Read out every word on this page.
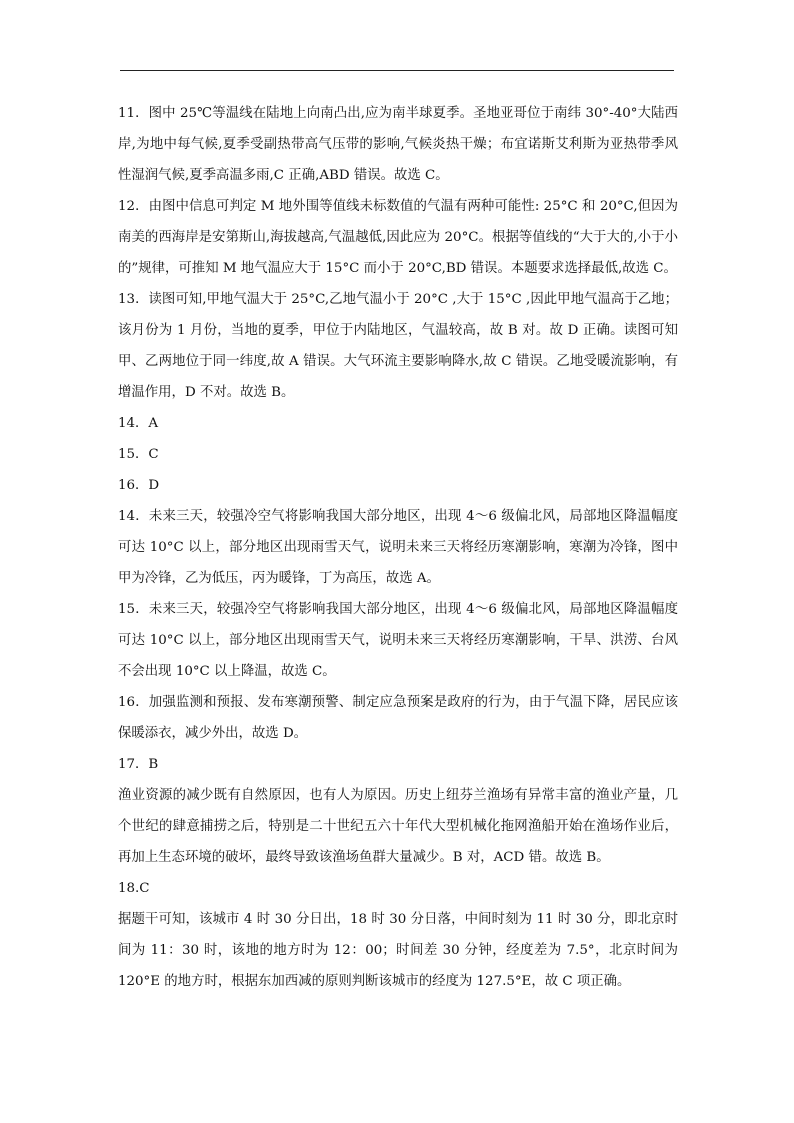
11．图中 25℃等温线在陆地上向南凸出,应为南半球夏季。圣地亚哥位于南纬 30°-40°大陆西岸,为地中每气候,夏季受副热带高气压带的影响,气候炎热干燥；布宜诺斯艾利斯为亚热带季风性湿润气候,夏季高温多雨,C 正确,ABD 错误。故选 C。

12．由图中信息可判定 M 地外围等值线未标数值的气温有两种可能性: 25°C 和 20°C,但因为南美的西海岸是安第斯山,海拔越高,气温越低,因此应为 20°C。根据等值线的“大于大的,小于小的”规律，可推知 M 地气温应大于 15°C 而小于 20°C,BD 错误。本题要求选择最低,故选 C。

13．读图可知,甲地气温大于 25°C,乙地气温小于 20°C ,大于 15°C ,因此甲地气温高于乙地；该月份为 1 月份，当地的夏季，甲位于内陆地区，气温较高，故 B 对。故 D 正确。读图可知甲、乙两地位于同一纬度,故 A 错误。大气环流主要影响降水,故 C 错误。乙地受暖流影响，有增温作用，D 不对。故选 B。

14．A

15．C

16．D

14．未来三天，较强冷空气将影响我国大部分地区，出现 4～6 级偏北风，局部地区降温幅度可达 10°C 以上，部分地区出现雨雪天气，说明未来三天将经历寒潮影响，寒潮为冷锋，图中甲为冷锋，乙为低压，丙为暖锋，丁为高压，故选 A。

15．未来三天，较强冷空气将影响我国大部分地区，出现 4～6 级偏北风，局部地区降温幅度可达 10°C 以上，部分地区出现雨雪天气，说明未来三天将经历寒潮影响，干旱、洪涝、台风不会出现 10°C 以上降温，故选 C。

16．加强监测和预报、发布寒潮预警、制定应急预案是政府的行为，由于气温下降，居民应该保暖添衣，减少外出，故选 D。

17．B

渔业资源的减少既有自然原因，也有人为原因。历史上纽芬兰渔场有异常丰富的渔业产量，几个世纪的肆意捕捞之后，特别是二十世纪五六十年代大型机械化拖网渔船开始在渔场作业后，再加上生态环境的破坏，最终导致该渔场鱼群大量减少。B 对，ACD 错。故选 B。

18.C

据题干可知，该城市 4 时 30 分日出，18 时 30 分日落，中间时刻为 11 时 30 分，即北京时间为 11：30 时，该地的地方时为 12：00；时间差 30 分钟，经度差为 7.5°，北京时间为 120°E 的地方时，根据东加西减的原则判断该城市的经度为 127.5°E，故 C 项正确。
